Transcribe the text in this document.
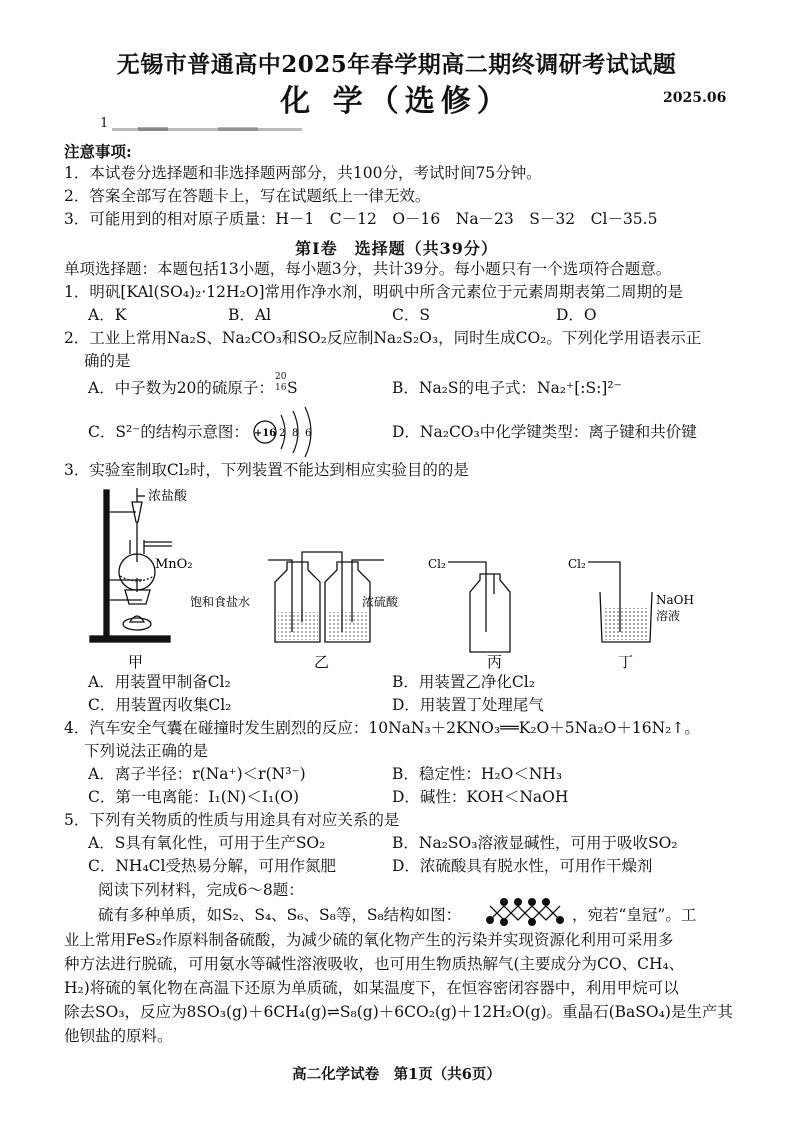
无锡市普通高中2025年春学期高二期终调研考试试题
化 学（选修）	2025.06
1
注意事项:
1．本试卷分选择题和非选择题两部分，共100分，考试时间75分钟。
2．答案全部写在答题卡上，写在试题纸上一律无效。
3．可能用到的相对原子质量：H－1　C－12　O－16　Na－23　S－32　Cl－35.5
第Ⅰ卷　选择题（共39分）
单项选择题：本题包括13小题，每小题3分，共计39分。每小题只有一个选项符合题意。
1．明矾[KAl(SO₄)₂·12H₂O]常用作净水剂，明矾中所含元素位于元素周期表第二周期的是
A．K	B．Al	C．S	D．O
2．工业上常用Na₂S、Na₂CO₃和SO₂反应制Na₂S₂O₃，同时生成CO₂。下列化学用语表示正
确的是
A．中子数为20的硫原子：
20
16 S	B．Na₂S的电子式： Na₂⁺[:S:]²⁻
C．S²⁻的结构示意图： +16 2 8 6	D．Na₂CO₃中化学键类型：离子键和共价键
3．实验室制取Cl₂时，下列装置不能达到相应实验目的的是
浓盐酸
MnO₂
甲
饱和食盐水	浓硫酸
乙
Cl₂
丙
Cl₂
NaOH
溶液
丁
A．用装置甲制备Cl₂	B．用装置乙净化Cl₂
C．用装置丙收集Cl₂	D．用装置丁处理尾气
4．汽车安全气囊在碰撞时发生剧烈的反应：10NaN₃＋2KNO₃══K₂O＋5Na₂O＋16N₂↑。
下列说法正确的是
A．离子半径：r(Na⁺)＜r(N³⁻)	B．稳定性：H₂O＜NH₃
C．第一电离能：I₁(N)＜I₁(O)	D．碱性：KOH＜NaOH
5．下列有关物质的性质与用途具有对应关系的是
A．S具有氧化性，可用于生产SO₂	B．Na₂SO₃溶液显碱性，可用于吸收SO₂
C．NH₄Cl受热易分解，可用作氮肥	D．浓硫酸具有脱水性，可用作干燥剂
阅读下列材料，完成6～8题：
硫有多种单质，如S₂、S₄、S₆、S₈等，S₈结构如图：	，宛若“皇冠”。工
业上常用FeS₂作原料制备硫酸，为减少硫的氧化物产生的污染并实现资源化利用可采用多
种方法进行脱硫，可用氨水等碱性溶液吸收，也可用生物质热解气(主要成分为CO、CH₄、
H₂)将硫的氧化物在高温下还原为单质硫，如某温度下，在恒容密闭容器中，利用甲烷可以
除去SO₃，反应为8SO₃(g)＋6CH₄(g)⇌S₈(g)＋6CO₂(g)＋12H₂O(g)。重晶石(BaSO₄)是生产其
他钡盐的原料。
高二化学试卷　第1页（共6页）
